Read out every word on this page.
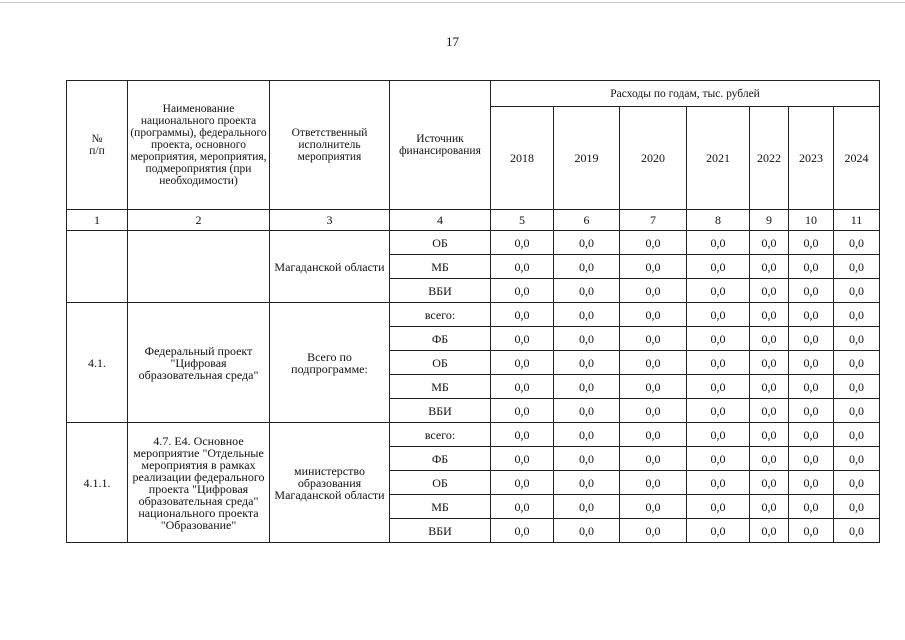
17
№
п/п	Наименование национального проекта (программы), федерального проекта, основного мероприятия, мероприятия, подмероприятия (при необходимости)	Ответственный исполнитель мероприятия	Источник финансирования	Расходы по годам, тыс. рублей						
				2018	2019	2020	2021	2022	2023	2024
1	2	3	4	5	6	7	8	9	10	11
		Магаданской области	ОБ	0,0	0,0	0,0	0,0	0,0	0,0	0,0
			МБ	0,0	0,0	0,0	0,0	0,0	0,0	0,0
			ВБИ	0,0	0,0	0,0	0,0	0,0	0,0	0,0
4.1.	Федеральный проект "Цифровая образовательная среда"	Всего по подпрограмме:	всего:	0,0	0,0	0,0	0,0	0,0	0,0	0,0
			ФБ	0,0	0,0	0,0	0,0	0,0	0,0	0,0
			ОБ	0,0	0,0	0,0	0,0	0,0	0,0	0,0
			МБ	0,0	0,0	0,0	0,0	0,0	0,0	0,0
			ВБИ	0,0	0,0	0,0	0,0	0,0	0,0	0,0
4.1.1.	4.7. Е4. Основное мероприятие "Отдельные мероприятия в рамках реализации федерального проекта "Цифровая образовательная среда" национального проекта "Образование"	министерство образования Магаданской области	всего:	0,0	0,0	0,0	0,0	0,0	0,0	0,0
			ФБ	0,0	0,0	0,0	0,0	0,0	0,0	0,0
			ОБ	0,0	0,0	0,0	0,0	0,0	0,0	0,0
			МБ	0,0	0,0	0,0	0,0	0,0	0,0	0,0
			ВБИ	0,0	0,0	0,0	0,0	0,0	0,0	0,0
